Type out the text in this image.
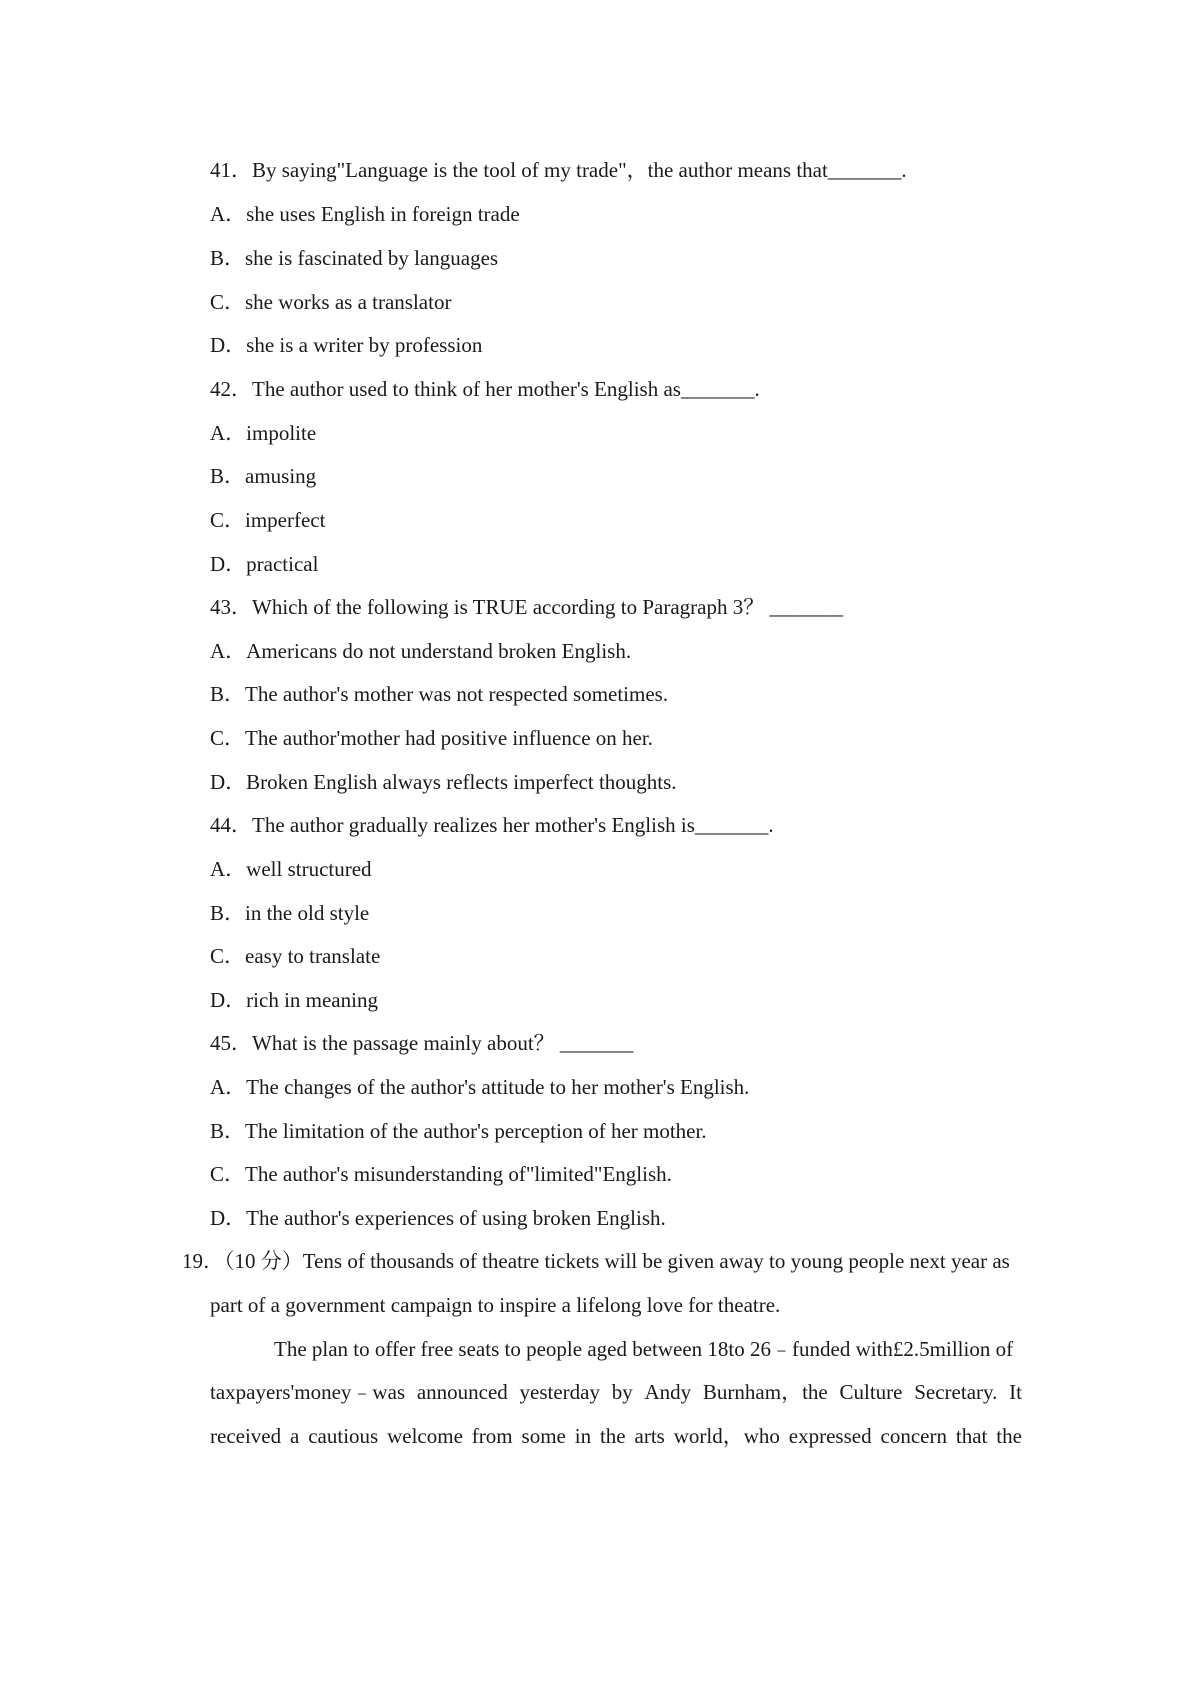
41．By saying"Language is the tool of my trade"，the author means that_______.
A．she uses English in foreign trade
B．she is fascinated by languages
C．she works as a translator
D．she is a writer by profession
42．The author used to think of her mother's English as_______.
A．impolite
B．amusing
C．imperfect
D．practical
43．Which of the following is TRUE according to Paragraph 3？ _______
A．Americans do not understand broken English.
B．The author's mother was not respected sometimes.
C．The author'mother had positive influence on her.
D．Broken English always reflects imperfect thoughts.
44．The author gradually realizes her mother's English is_______.
A．well structured
B．in the old style
C．easy to translate
D．rich in meaning
45．What is the passage mainly about？ _______
A．The changes of the author's attitude to her mother's English.
B．The limitation of the author's perception of her mother.
C．The author's misunderstanding of"limited"English.
D．The author's experiences of using broken English.
19．（10 分）Tens of thousands of theatre tickets will be given away to young people next year as
part of a government campaign to inspire a lifelong love for theatre.
The plan to offer free seats to people aged between 18to 26﹣funded with£2.5million of
taxpayers'money﹣was announced yesterday by Andy Burnham，the Culture Secretary. It
received a cautious welcome from some in the arts world，who expressed concern that the
